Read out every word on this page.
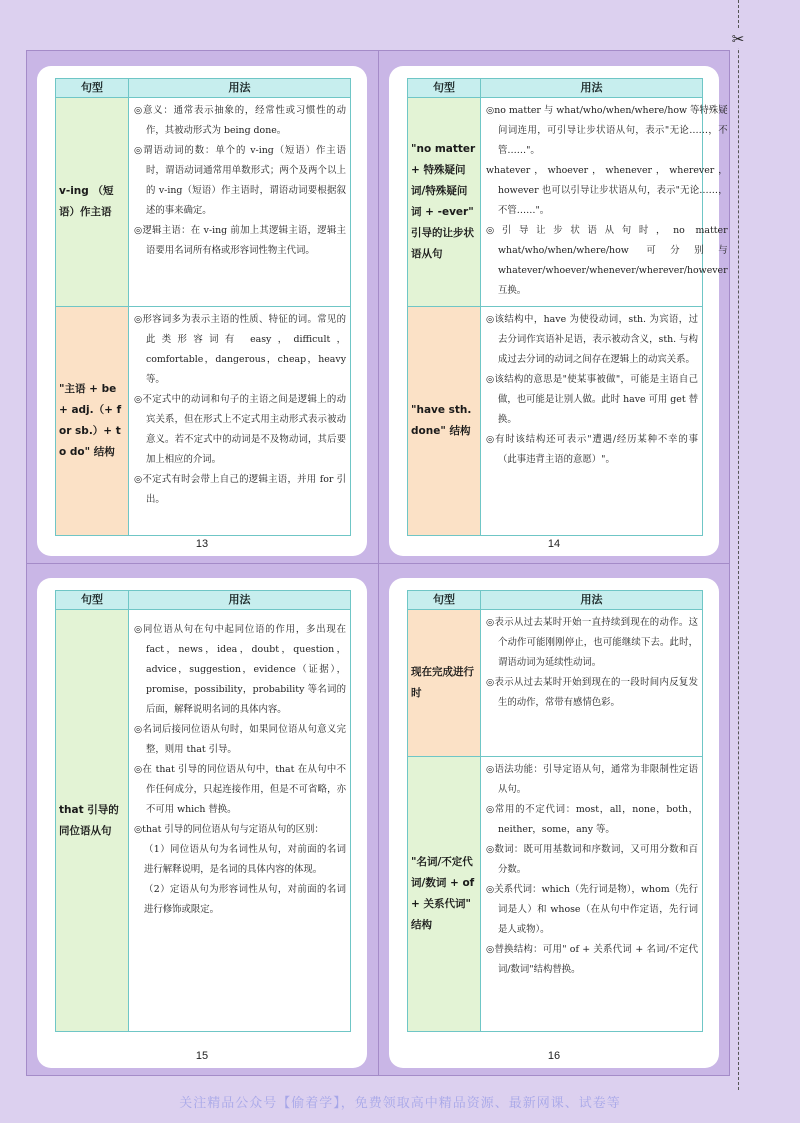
✂
句型	用法
v-ing （短语）作主语
◎意义：通常表示抽象的，经常性或习惯性的动作，其被动形式为 being done。
◎谓语动词的数：单个的 v-ing（短语）作主语时，谓语动词通常用单数形式；两个及两个以上的 v-ing（短语）作主语时，谓语动词要根据叙述的事来确定。
◎逻辑主语：在 v-ing 前加上其逻辑主语，逻辑主语要用名词所有格或形容词性物主代词。
"主语 + be + adj.（+ for sb.）+ to do" 结构
◎形容词多为表示主语的性质、特征的词。常见的此类形容词有 easy，difficult，comfortable，dangerous，cheap，heavy 等。
◎不定式中的动词和句子的主语之间是逻辑上的动宾关系，但在形式上不定式用主动形式表示被动意义。若不定式中的动词是不及物动词，其后要加上相应的介词。
◎不定式有时会带上自己的逻辑主语，并用 for 引出。
13
句型	用法
"no matter + 特殊疑问词/特殊疑问词 + -ever" 引导的让步状语从句
◎no matter 与 what/who/when/where/how 等特殊疑问词连用，可引导让步状语从句，表示"无论……，不管……"。
whatever，whoever，whenever，wherever，however 也可以引导让步状语从句，表示"无论……，不管……"。
◎引导让步状语从句时，no matter what/who/when/where/how 可分别与 whatever/whoever/whenever/wherever/however 互换。
"have sth. done" 结构
◎该结构中，have 为使役动词，sth. 为宾语，过去分词作宾语补足语，表示被动含义，sth. 与构成过去分词的动词之间存在逻辑上的动宾关系。
◎该结构的意思是"使某事被做"，可能是主语自己做，也可能是让别人做。此时 have 可用 get 替换。
◎有时该结构还可表示"遭遇/经历某种不幸的事（此事违背主语的意愿）"。
14
句型	用法
that 引导的同位语从句
◎同位语从句在句中起同位语的作用，多出现在 fact，news，idea，doubt，question，advice，suggestion，evidence（证据），promise，possibility，probability 等名词的后面，解释说明名词的具体内容。
◎名词后接同位语从句时，如果同位语从句意义完整，则用 that 引导。
◎在 that 引导的同位语从句中，that 在从句中不作任何成分，只起连接作用，但是不可省略，亦不可用 which 替换。
◎that 引导的同位语从句与定语从句的区别：
（1）同位语从句为名词性从句，对前面的名词进行解释说明，是名词的具体内容的体现。
（2）定语从句为形容词性从句，对前面的名词进行修饰或限定。
15
句型	用法
现在完成进行时
◎表示从过去某时开始一直持续到现在的动作。这个动作可能刚刚停止，也可能继续下去。此时，谓语动词为延续性动词。
◎表示从过去某时开始到现在的一段时间内反复发生的动作，常带有感情色彩。
"名词/不定代词/数词 + of + 关系代词" 结构
◎语法功能：引导定语从句，通常为非限制性定语从句。
◎常用的不定代词：most，all，none，both，neither，some，any 等。
◎数词：既可用基数词和序数词，又可用分数和百分数。
◎关系代词：which（先行词是物），whom（先行词是人）和 whose（在从句中作定语，先行词是人或物）。
◎替换结构：可用" of + 关系代词 + 名词/不定代词/数词"结构替换。
16
关注精品公众号【偷着学】，免费领取高中精品资源、最新网课、试卷等
